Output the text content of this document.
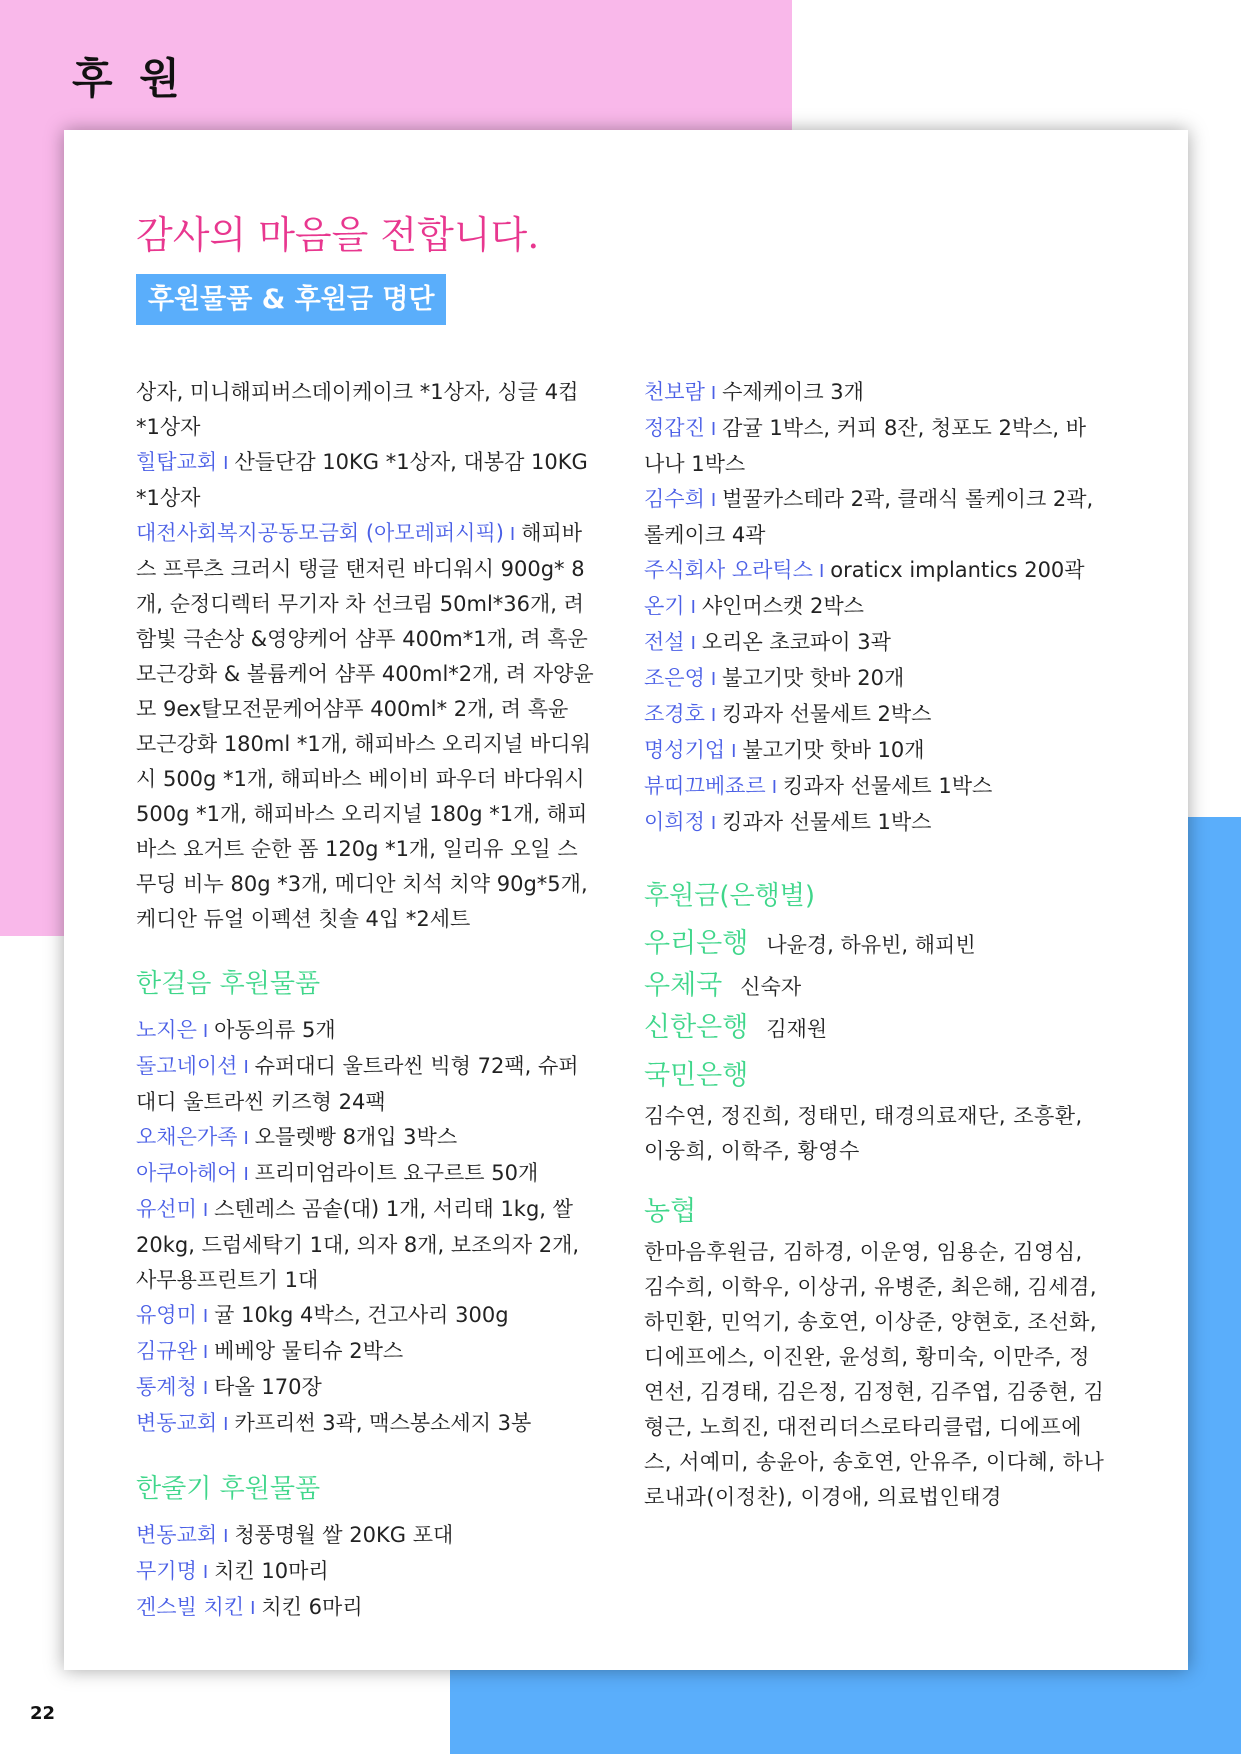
후 원
감사의 마음을 전합니다.
후원물품 & 후원금 명단

상자, 미니해피버스데이케이크 *1상자, 싱글 4컵 *1상자

힐탑교회 I 산들단감 10KG *1상자, 대봉감 10KG *1상자

대전사회복지공동모금회 (아모레퍼시픽) I 해피바스 프루츠 크러시 탱글 탠저린 바디워시 900g* 8개, 순정디렉터 무기자 차 선크림 50ml*36개, 려 함빛 극손상 &영양케어 샴푸 400m*1개, 려 흑운 모근강화 & 볼륨케어 샴푸 400ml*2개, 려 자양윤모 9ex탈모전문케어샴푸 400ml* 2개, 려 흑윤 모근강화 180ml *1개, 해피바스 오리지널 바디워시 500g *1개, 해피바스 베이비 파우더 바다워시 500g *1개, 해피바스 오리지널 180g *1개, 해피바스 요거트 순한 폼 120g *1개, 일리유 오일 스무딩 비누 80g *3개, 메디안 치석 치약 90g*5개, 케디안 듀얼 이펙션 칫솔 4입 *2세트

한걸음 후원물품

노지은 I 아동의류 5개

돌고네이션 I 슈퍼대디 울트라씬 빅형 72팩, 슈퍼대디 울트라씬 키즈형 24팩

오채은가족 I 오믈렛빵 8개입 3박스

아쿠아헤어 I 프리미엄라이트 요구르트 50개

유선미 I 스텐레스 곰솥(대) 1개, 서리태 1kg, 쌀 20kg, 드럼세탁기 1대, 의자 8개, 보조의자 2개, 사무용프린트기 1대

유영미 I 귤 10kg 4박스, 건고사리 300g

김규완 I 베베앙 물티슈 2박스

통계청 I 타올 170장

변동교회 I 카프리썬 3곽, 맥스봉소세지 3봉

한줄기 후원물품

변동교회 I 청풍명월 쌀 20KG 포대

무기명 I 치킨 10마리

겐스빌 치킨 I 치킨 6마리

천보람 I 수제케이크 3개

정갑진 I 감귤 1박스, 커피 8잔, 청포도 2박스, 바나나 1박스

김수희 I 벌꿀카스테라 2곽, 클래식 롤케이크 2곽, 롤케이크 4곽

주식회사 오라틱스 I oraticx implantics 200곽

온기 I 샤인머스캣 2박스

전설 I 오리온 초코파이 3곽

조은영 I 불고기맛 핫바 20개

조경호 I 킹과자 선물세트 2박스

명성기업 I 불고기맛 핫바 10개

뷰띠끄베죠르 I 킹과자 선물세트 1박스

이희정 I 킹과자 선물세트 1박스

후원금(은행별)
우리은행 나윤경, 하유빈, 해피빈
우체국 신숙자
신한은행 김재원
국민은행
김수연, 정진희, 정태민, 태경의료재단, 조흥환, 이웅희, 이학주, 황영수
농협
한마음후원금, 김하경, 이운영, 임용순, 김영심, 김수희, 이학우, 이상귀, 유병준, 최은해, 김세겸, 하민환, 민억기, 송호연, 이상준, 양현호, 조선화, 디에프에스, 이진완, 윤성희, 황미숙, 이만주, 정연선, 김경태, 김은정, 김정현, 김주엽, 김중현, 김형근, 노희진, 대전리더스로타리클럽, 디에프에스, 서예미, 송윤아, 송호연, 안유주, 이다혜, 하나로내과(이정찬), 이경애, 의료법인태경
22
